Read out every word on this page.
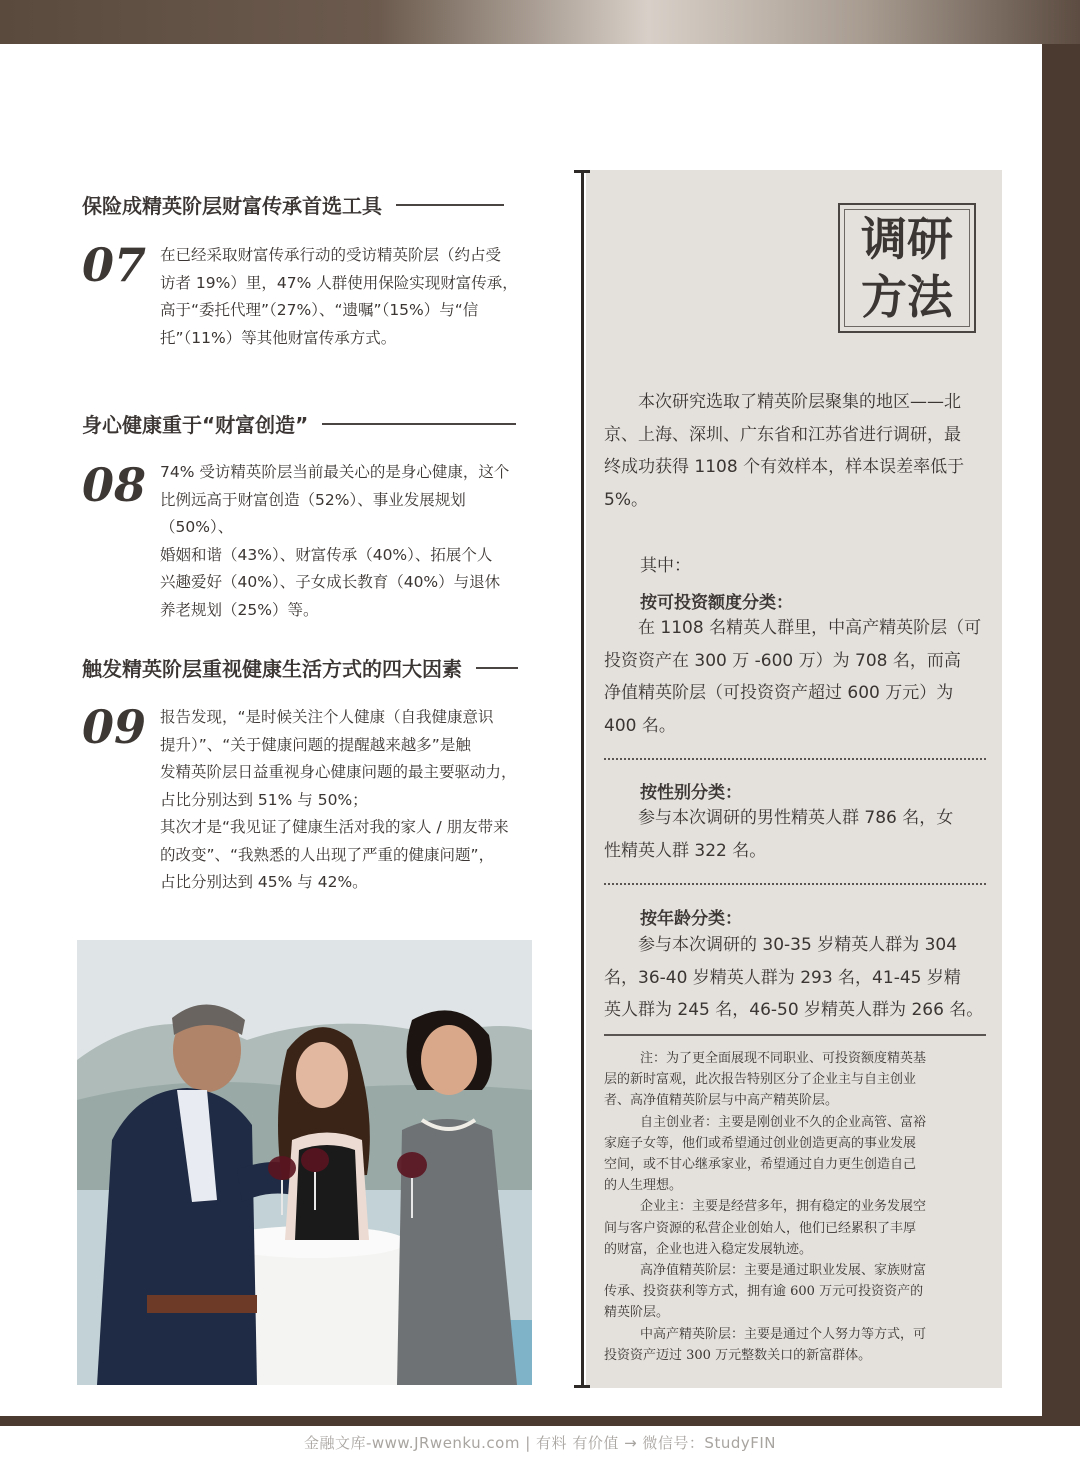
金融文库-www.JRwenku.com | 有料 有价值 → 微信号：StudyFIN
保险成精英阶层财富传承首选工具
07 在已经采取财富传承行动的受访精英阶层（约占受

访者 19%）里，47% 人群使用保险实现财富传承，

高于“委托代理”（27%）、“遗嘱”（15%）与“信

托”（11%）等其他财富传承方式。

身心健康重于“财富创造”
08 74% 受访精英阶层当前最关心的是身心健康，这个

比例远高于财富创造（52%）、事业发展规划（50%）、

婚姻和谐（43%）、财富传承（40%）、拓展个人

兴趣爱好（40%）、子女成长教育（40%）与退休

养老规划（25%）等。

触发精英阶层重视健康生活方式的四大因素
09 报告发现，“是时候关注个人健康（自我健康意识

提升）”、“关于健康问题的提醒越来越多”是触

发精英阶层日益重视身心健康问题的最主要驱动力，

占比分别达到 51% 与 50%；

其次才是“我见证了健康生活对我的家人 / 朋友带来

的改变”、“我熟悉的人出现了严重的健康问题”，

占比分别达到 45% 与 42%。

调研
方法

本次研究选取了精英阶层聚集的地区——北

京、上海、深圳、广东省和江苏省进行调研，最

终成功获得 1108 个有效样本，样本误差率低于

5%。

其中：
按可投资额度分类：

在 1108 名精英人群里，中高产精英阶层（可

投资资产在 300 万 -600 万）为 708 名，而高

净值精英阶层（可投资资产超过 600 万元）为

400 名。

按性别分类：

参与本次调研的男性精英人群 786 名，女

性精英人群 322 名。

按年龄分类：

参与本次调研的 30-35 岁精英人群为 304

名，36-40 岁精英人群为 293 名，41-45 岁精

英人群为 245 名，46-50 岁精英人群为 266 名。

注：为了更全面展现不同职业、可投资额度精英基

层的新时富观，此次报告特别区分了企业主与自主创业

者、高净值精英阶层与中高产精英阶层。

自主创业者：主要是刚创业不久的企业高管、富裕

家庭子女等，他们或希望通过创业创造更高的事业发展

空间，或不甘心继承家业，希望通过自力更生创造自己

的人生理想。

企业主：主要是经营多年，拥有稳定的业务发展空

间与客户资源的私营企业创始人，他们已经累积了丰厚

的财富，企业也进入稳定发展轨迹。

高净值精英阶层：主要是通过职业发展、家族财富

传承、投资获利等方式，拥有逾 600 万元可投资资产的

精英阶层。

中高产精英阶层：主要是通过个人努力等方式，可

投资资产迈过 300 万元整数关口的新富群体。
